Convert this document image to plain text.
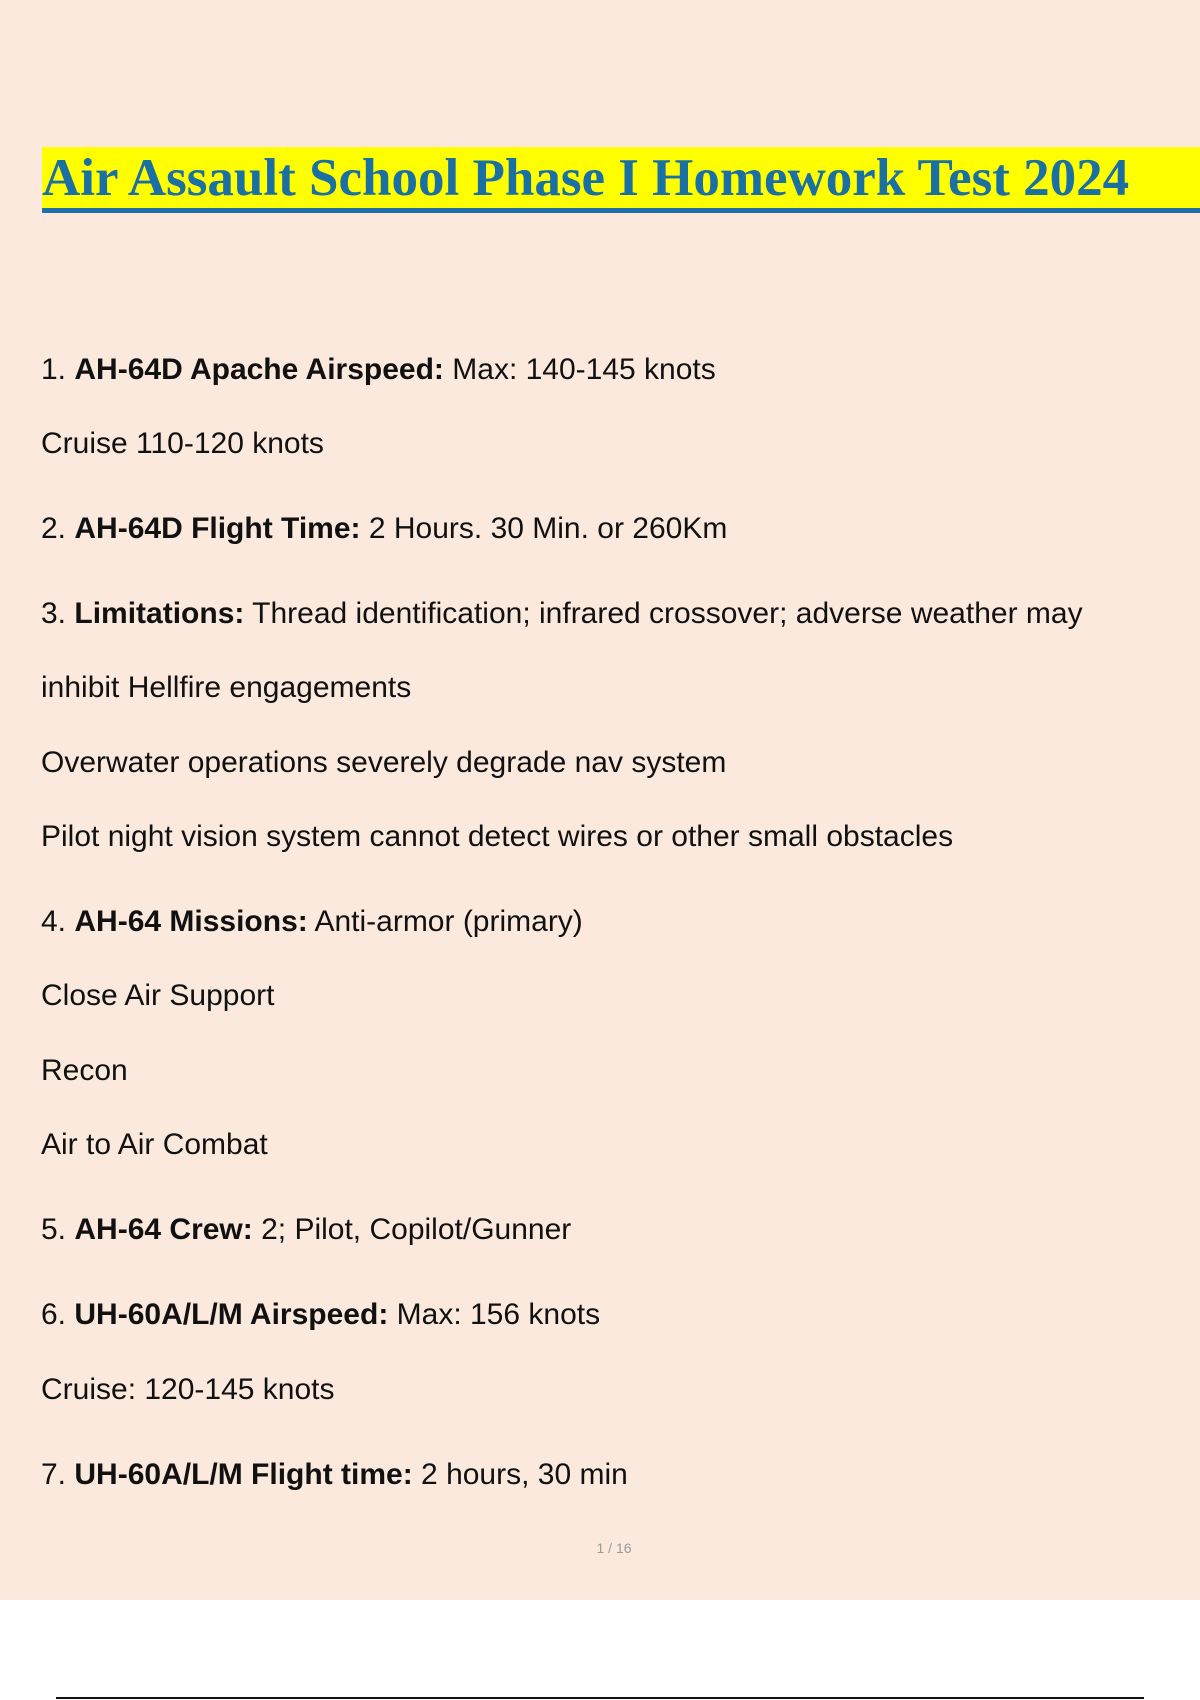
Air Assault School Phase I Homework Test 2024
1. AH-64D Apache Airspeed: Max: 140-145 knots
Cruise 110-120 knots
2. AH-64D Flight Time: 2 Hours. 30 Min. or 260Km
3. Limitations: Thread identification; infrared crossover; adverse weather may
inhibit Hellfire engagements
Overwater operations severely degrade nav system
Pilot night vision system cannot detect wires or other small obstacles
4. AH-64 Missions: Anti-armor (primary)
Close Air Support
Recon
Air to Air Combat
5. AH-64 Crew: 2; Pilot, Copilot/Gunner
6. UH-60A/L/M Airspeed: Max: 156 knots
Cruise: 120-145 knots
7. UH-60A/L/M Flight time: 2 hours, 30 min
1 / 16
